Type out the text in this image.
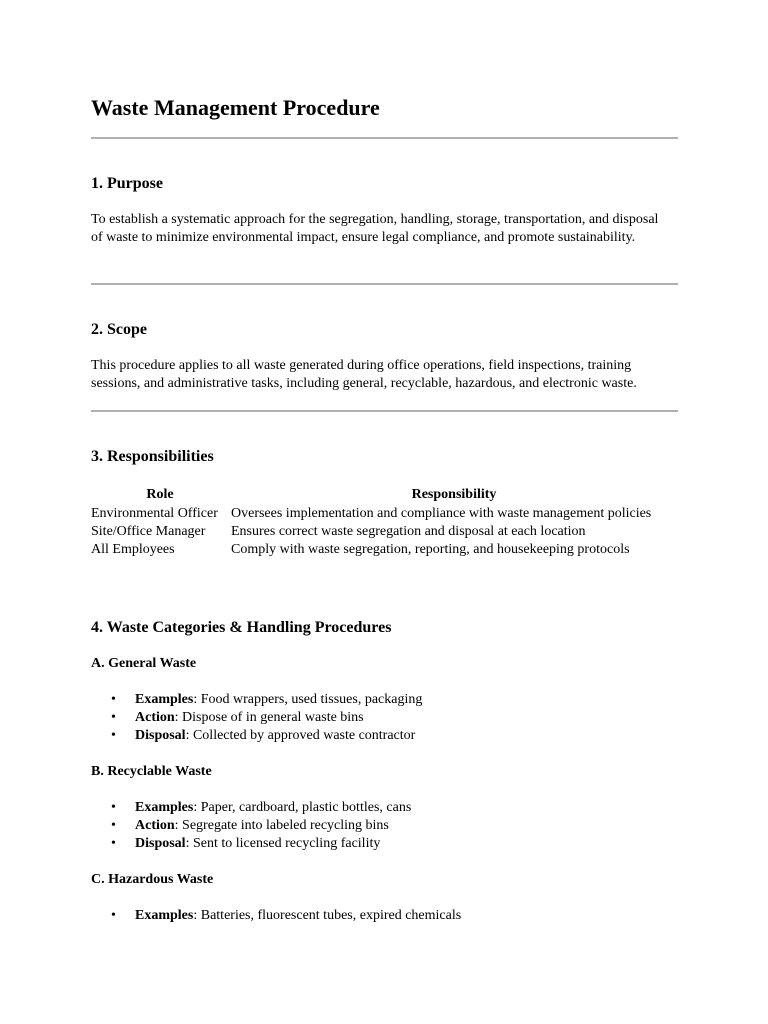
Waste Management Procedure
1. Purpose

To establish a systematic approach for the segregation, handling, storage, transportation, and disposal of waste to minimize environmental impact, ensure legal compliance, and promote sustainability.

2. Scope

This procedure applies to all waste generated during office operations, field inspections, training sessions, and administrative tasks, including general, recyclable, hazardous, and electronic waste.

3. Responsibilities
Role	Responsibility
Environmental Officer	Oversees implementation and compliance with waste management policies
Site/Office Manager	Ensures correct waste segregation and disposal at each location
All Employees	Comply with waste segregation, reporting, and housekeeping protocols
4. Waste Categories & Handling Procedures
A. General Waste
• Examples: Food wrappers, used tissues, packaging
• Action: Dispose of in general waste bins
• Disposal: Collected by approved waste contractor
B. Recyclable Waste
• Examples: Paper, cardboard, plastic bottles, cans
• Action: Segregate into labeled recycling bins
• Disposal: Sent to licensed recycling facility
C. Hazardous Waste
• Examples: Batteries, fluorescent tubes, expired chemicals
